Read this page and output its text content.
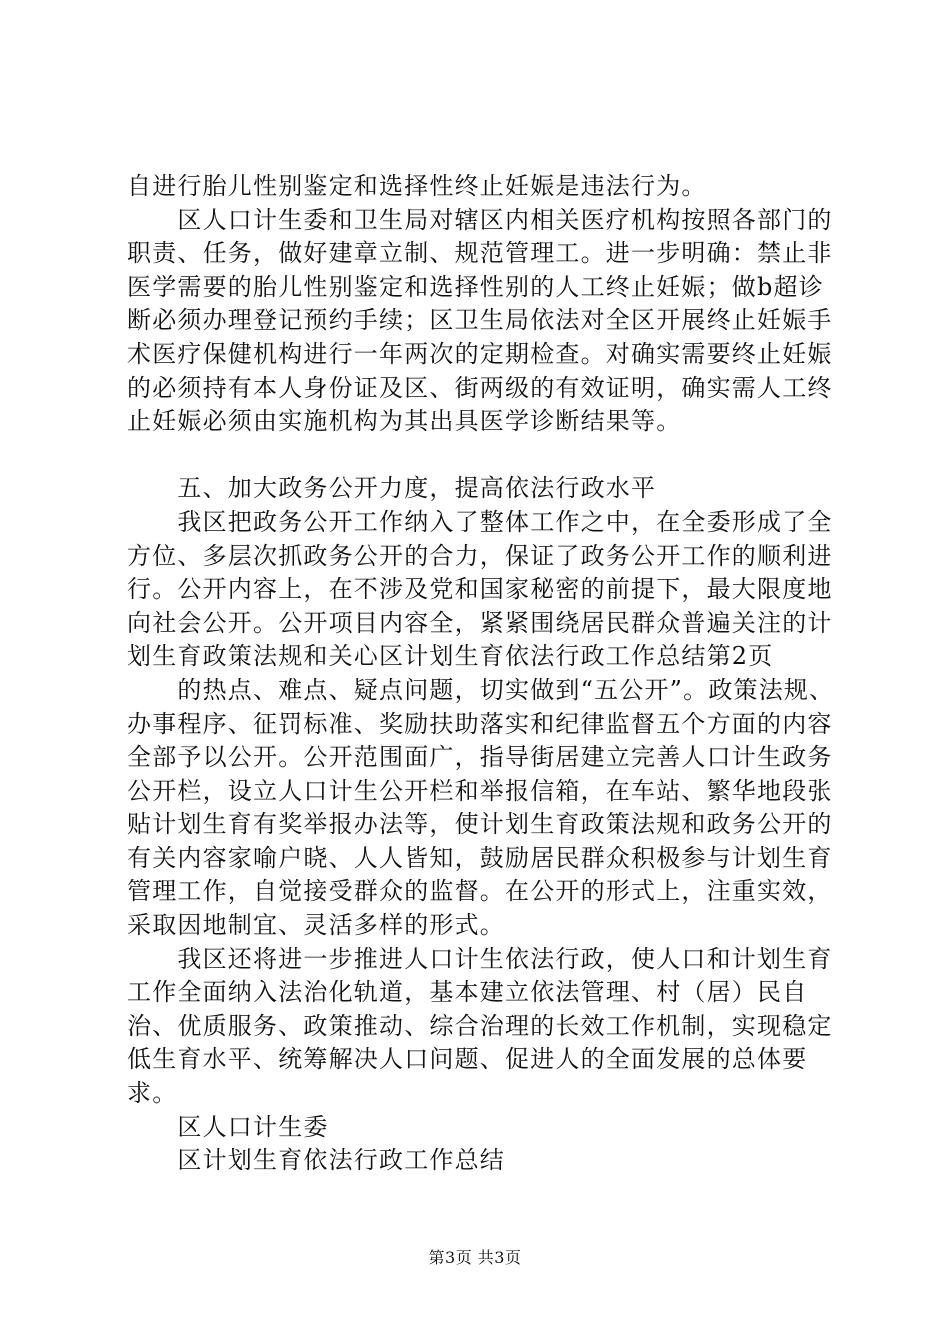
自进行胎儿性别鉴定和选择性终止妊娠是违法行为。

　　区人口计生委和卫生局对辖区内相关医疗机构按照各部门的职责、任务，做好建章立制、规范管理工。进一步明确：禁止非医学需要的胎儿性别鉴定和选择性别的人工终止妊娠；做b超诊断必须办理登记预约手续；区卫生局依法对全区开展终止妊娠手术医疗保健机构进行一年两次的定期检查。对确实需要终止妊娠的必须持有本人身份证及区、街两级的有效证明，确实需人工终止妊娠必须由实施机构为其出具医学诊断结果等。

　　五、加大政务公开力度，提高依法行政水平

　　我区把政务公开工作纳入了整体工作之中，在全委形成了全方位、多层次抓政务公开的合力，保证了政务公开工作的顺利进行。公开内容上，在不涉及党和国家秘密的前提下，最大限度地向社会公开。公开项目内容全，紧紧围绕居民群众普遍关注的计划生育政策法规和关心区计划生育依法行政工作总结第2页

　　的热点、难点、疑点问题，切实做到“五公开”。政策法规、办事程序、征罚标准、奖励扶助落实和纪律监督五个方面的内容全部予以公开。公开范围面广，指导街居建立完善人口计生政务公开栏，设立人口计生公开栏和举报信箱，在车站、繁华地段张贴计划生育有奖举报办法等，使计划生育政策法规和政务公开的有关内容家喻户晓、人人皆知，鼓励居民群众积极参与计划生育管理工作，自觉接受群众的监督。在公开的形式上，注重实效，采取因地制宜、灵活多样的形式。

　　我区还将进一步推进人口计生依法行政，使人口和计划生育工作全面纳入法治化轨道，基本建立依法管理、村（居）民自治、优质服务、政策推动、综合治理的长效工作机制，实现稳定低生育水平、统筹解决人口问题、促进人的全面发展的总体要求。

　　区人口计生委

　　区计划生育依法行政工作总结

第3页 共3页
